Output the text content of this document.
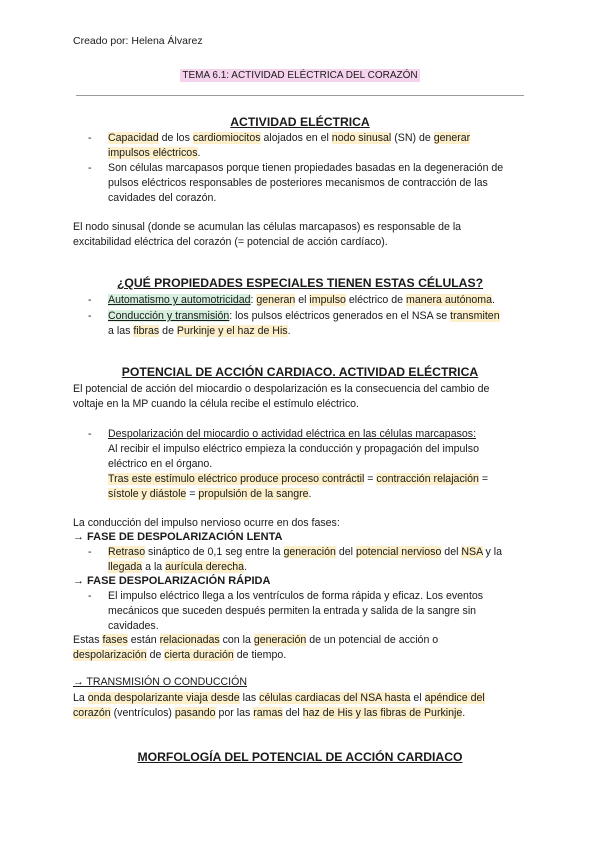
Creado por: Helena Álvarez
TEMA 6.1: ACTIVIDAD ELÉCTRICA DEL CORAZÓN
ACTIVIDAD ELÉCTRICA
- Capacidad de los cardiomiocitos alojados en el nodo sinusal (SN) de generar
impulsos eléctricos.
- Son células marcapasos porque tienen propiedades basadas en la degeneración de
pulsos eléctricos responsables de posteriores mecanismos de contracción de las
cavidades del corazón.
El nodo sinusal (donde se acumulan las células marcapasos) es responsable de la
excitabilidad eléctrica del corazón (= potencial de acción cardíaco).
¿QUÉ PROPIEDADES ESPECIALES TIENEN ESTAS CÉLULAS?
- Automatismo y automotricidad: generan el impulso eléctrico de manera autónoma.
- Conducción y transmisión: los pulsos eléctricos generados en el NSA se transmiten
a las fibras de Purkinje y el haz de His.
POTENCIAL DE ACCIÓN CARDIACO. ACTIVIDAD ELÉCTRICA
El potencial de acción del miocardio o despolarización es la consecuencia del cambio de
voltaje en la MP cuando la célula recibe el estímulo eléctrico.
- Despolarización del miocardio o actividad eléctrica en las células marcapasos:
Al recibir el impulso eléctrico empieza la conducción y propagación del impulso
eléctrico en el órgano.
Tras este estímulo eléctrico produce proceso contráctil = contracción relajación =
sístole y diástole = propulsión de la sangre.
La conducción del impulso nervioso ocurre en dos fases:
→ FASE DE DESPOLARIZACIÓN LENTA
- Retraso sináptico de 0,1 seg entre la generación del potencial nervioso del NSA y la
llegada a la aurícula derecha.
→ FASE DESPOLARIZACIÓN RÁPIDA
- El impulso eléctrico llega a los ventrículos de forma rápida y eficaz. Los eventos
mecánicos que suceden después permiten la entrada y salida de la sangre sin
cavidades.
Estas fases están relacionadas con la generación de un potencial de acción o
despolarización de cierta duración de tiempo.
→ TRANSMISIÓN O CONDUCCIÓN
La onda despolarizante viaja desde las células cardiacas del NSA hasta el apéndice del
corazón (ventrículos) pasando por las ramas del haz de His y las fibras de Purkinje.
MORFOLOGÍA DEL POTENCIAL DE ACCIÓN CARDIACO
